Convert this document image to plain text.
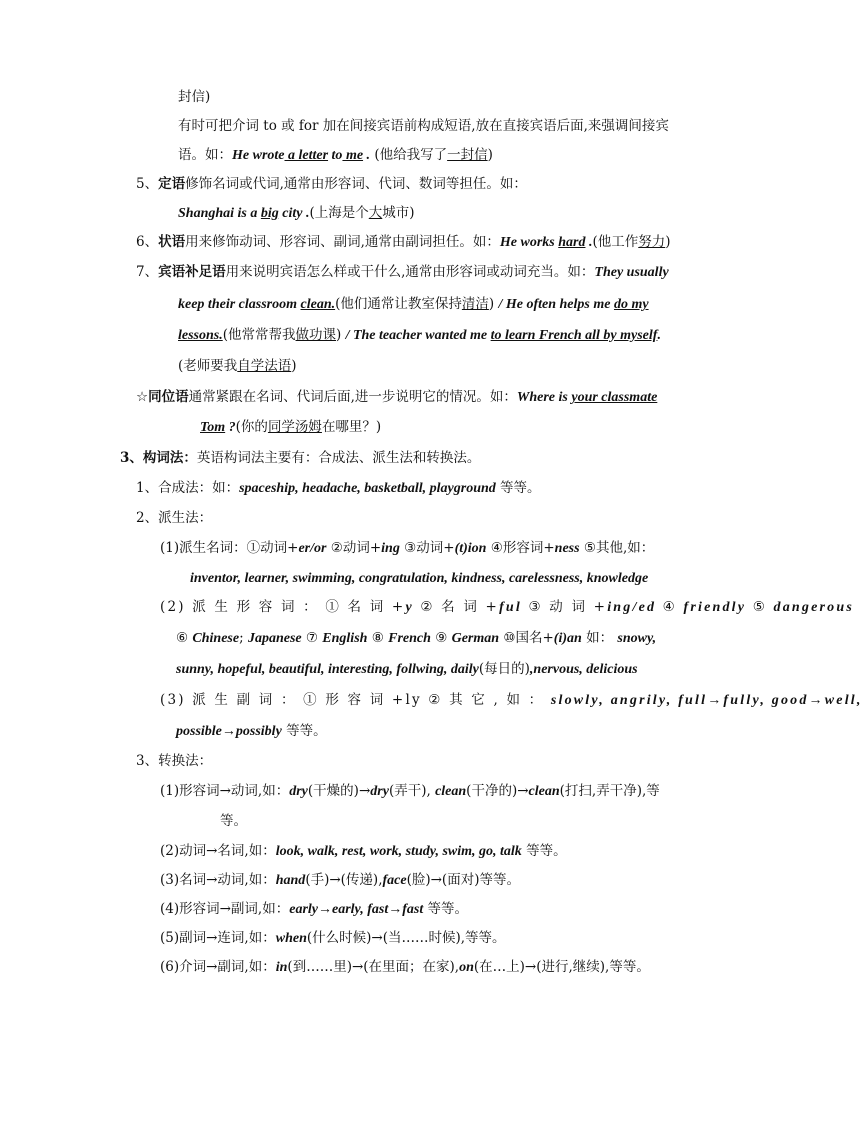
封信)
有时可把介词 to 或 for 加在间接宾语前构成短语,放在直接宾语后面,来强调间接宾
语。如：He wrote a letter to me . (他给我写了一封信)
5、定语修饰名词或代词,通常由形容词、代词、数词等担任。如：
Shanghai is a big city .(上海是个大城市)
6、状语用来修饰动词、形容词、副词,通常由副词担任。如：He works hard .(他工作努力)
7、宾语补足语用来说明宾语怎么样或干什么,通常由形容词或动词充当。如：They usually
keep their classroom clean.(他们通常让教室保持清洁) / He often helps me do my
lessons.(他常常帮我做功课) / The teacher wanted me to learn French all by myself.
(老师要我自学法语)
☆同位语通常紧跟在名词、代词后面,进一步说明它的情况。如：Where is your classmate
Tom ?(你的同学汤姆在哪里？)
3、构词法：英语构词法主要有：合成法、派生法和转换法。
1、合成法：如：spaceship, headache, basketball, playground 等等。
2、派生法：
(1)派生名词：①动词+er/or ②动词+ing ③动词+(t)ion ④形容词+ness ⑤其他,如：
inventor, learner, swimming, congratulation, kindness, carelessness, knowledge
(2) 派 生 形 容 词 ： ① 名 词 +y ② 名 词 +ful ③ 动 词 +ing/ed ④ friendly ⑤ dangerous
⑥ Chinese; Japanese ⑦ English ⑧ French ⑨ German ⑩国名+(i)an 如： snowy,
sunny, hopeful, beautiful, interesting, follwing, daily(每日的),nervous, delicious
(3) 派 生 副 词 ： ① 形 容 词 +ly ② 其 它 , 如 ： slowly, angrily, full→fully, good→well,
possible→possibly 等等。
3、转换法：
(1)形容词→动词,如：dry(干燥的)→dry(弄干), clean(干净的)→clean(打扫,弄干净),等
等。
(2)动词→名词,如：look, walk, rest, work, study, swim, go, talk 等等。
(3)名词→动词,如：hand(手)→(传递),face(脸)→(面对)等等。
(4)形容词→副词,如：early→early, fast→fast 等等。
(5)副词→连词,如：when(什么时候)→(当……时候),等等。
(6)介词→副词,如：in(到……里)→(在里面；在家),on(在…上)→(进行,继续),等等。
